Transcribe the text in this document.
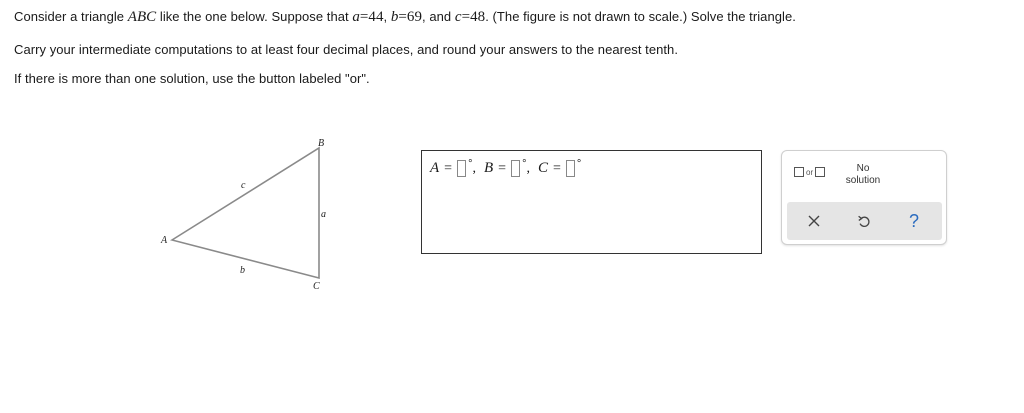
Consider a triangle ABC like the one below. Suppose that a=44, b=69, and c=48. (The figure is not drawn to scale.) Solve the triangle.
Carry your intermediate computations to at least four decimal places, and round your answers to the nearest tenth.
If there is more than one solution, use the button labeled "or".
A
B
C
a
b
c
A = ° , B = ° , C = °
or	No
solution
?
